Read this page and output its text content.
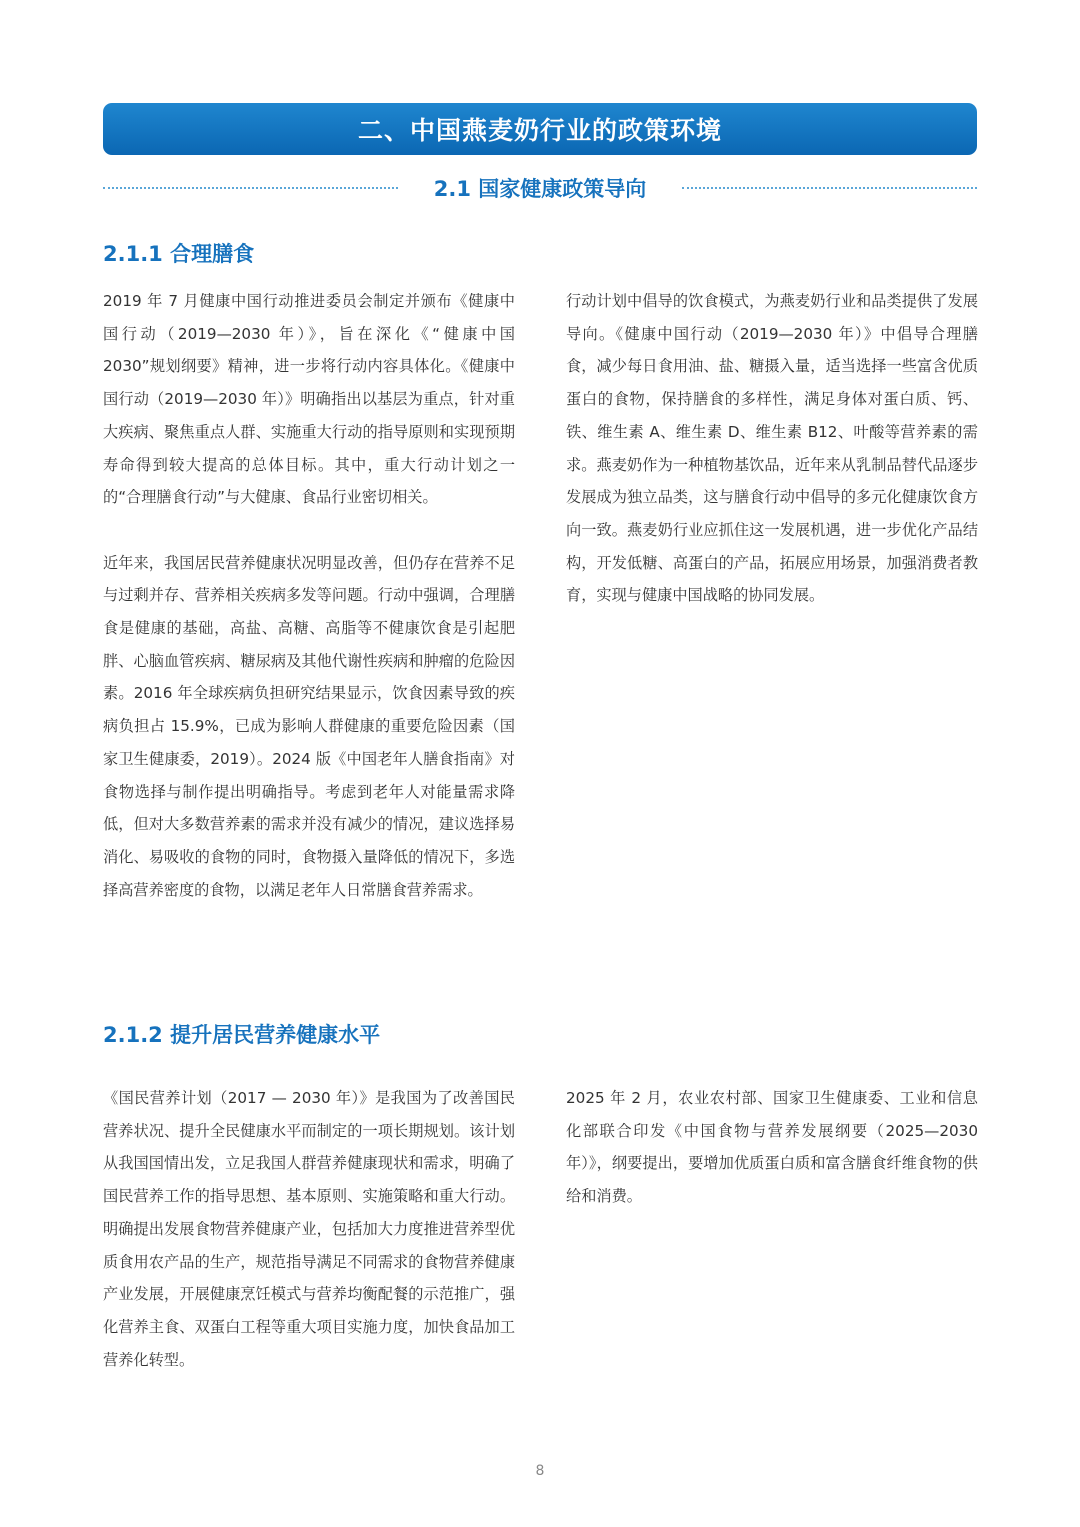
二、中国燕麦奶行业的政策环境
2.1 国家健康政策导向
2.1.1 合理膳食

2019 年 7 月健康中国行动推进委员会制定并颁布《健康中国行动（2019—2030 年）》，旨在深化《“健康中国 2030”规划纲要》精神，进一步将行动内容具体化。《健康中国行动（2019—2030 年）》明确指出以基层为重点，针对重大疾病、聚焦重点人群、实施重大行动的指导原则和实现预期寿命得到较大提高的总体目标。其中，重大行动计划之一的“合理膳食行动”与大健康、食品行业密切相关。

近年来，我国居民营养健康状况明显改善，但仍存在营养不足与过剩并存、营养相关疾病多发等问题。行动中强调，合理膳食是健康的基础，高盐、高糖、高脂等不健康饮食是引起肥胖、心脑血管疾病、糖尿病及其他代谢性疾病和肿瘤的危险因素。2016 年全球疾病负担研究结果显示，饮食因素导致的疾病负担占 15.9%，已成为影响人群健康的重要危险因素（国家卫生健康委，2019）。2024 版《中国老年人膳食指南》对食物选择与制作提出明确指导。考虑到老年人对能量需求降低，但对大多数营养素的需求并没有减少的情况，建议选择易消化、易吸收的食物的同时，食物摄入量降低的情况下，多选择高营养密度的食物，以满足老年人日常膳食营养需求。

行动计划中倡导的饮食模式，为燕麦奶行业和品类提供了发展导向。《健康中国行动（2019—2030 年）》中倡导合理膳食，减少每日食用油、盐、糖摄入量，适当选择一些富含优质蛋白的食物，保持膳食的多样性，满足身体对蛋白质、钙、铁、维生素 A、维生素 D、维生素 B12、叶酸等营养素的需求。燕麦奶作为一种植物基饮品，近年来从乳制品替代品逐步发展成为独立品类，这与膳食行动中倡导的多元化健康饮食方向一致。燕麦奶行业应抓住这一发展机遇，进一步优化产品结构，开发低糖、高蛋白的产品，拓展应用场景，加强消费者教育，实现与健康中国战略的协同发展。

2.1.2 提升居民营养健康水平

《国民营养计划（2017 — 2030 年）》是我国为了改善国民营养状况、提升全民健康水平而制定的一项长期规划。该计划从我国国情出发，立足我国人群营养健康现状和需求，明确了国民营养工作的指导思想、基本原则、实施策略和重大行动。明确提出发展食物营养健康产业，包括加大力度推进营养型优质食用农产品的生产，规范指导满足不同需求的食物营养健康产业发展，开展健康烹饪模式与营养均衡配餐的示范推广，强化营养主食、双蛋白工程等重大项目实施力度，加快食品加工营养化转型。

2025 年 2 月，农业农村部、国家卫生健康委、工业和信息化部联合印发《中国食物与营养发展纲要（2025—2030 年）》，纲要提出，要增加优质蛋白质和富含膳食纤维食物的供给和消费。

8
